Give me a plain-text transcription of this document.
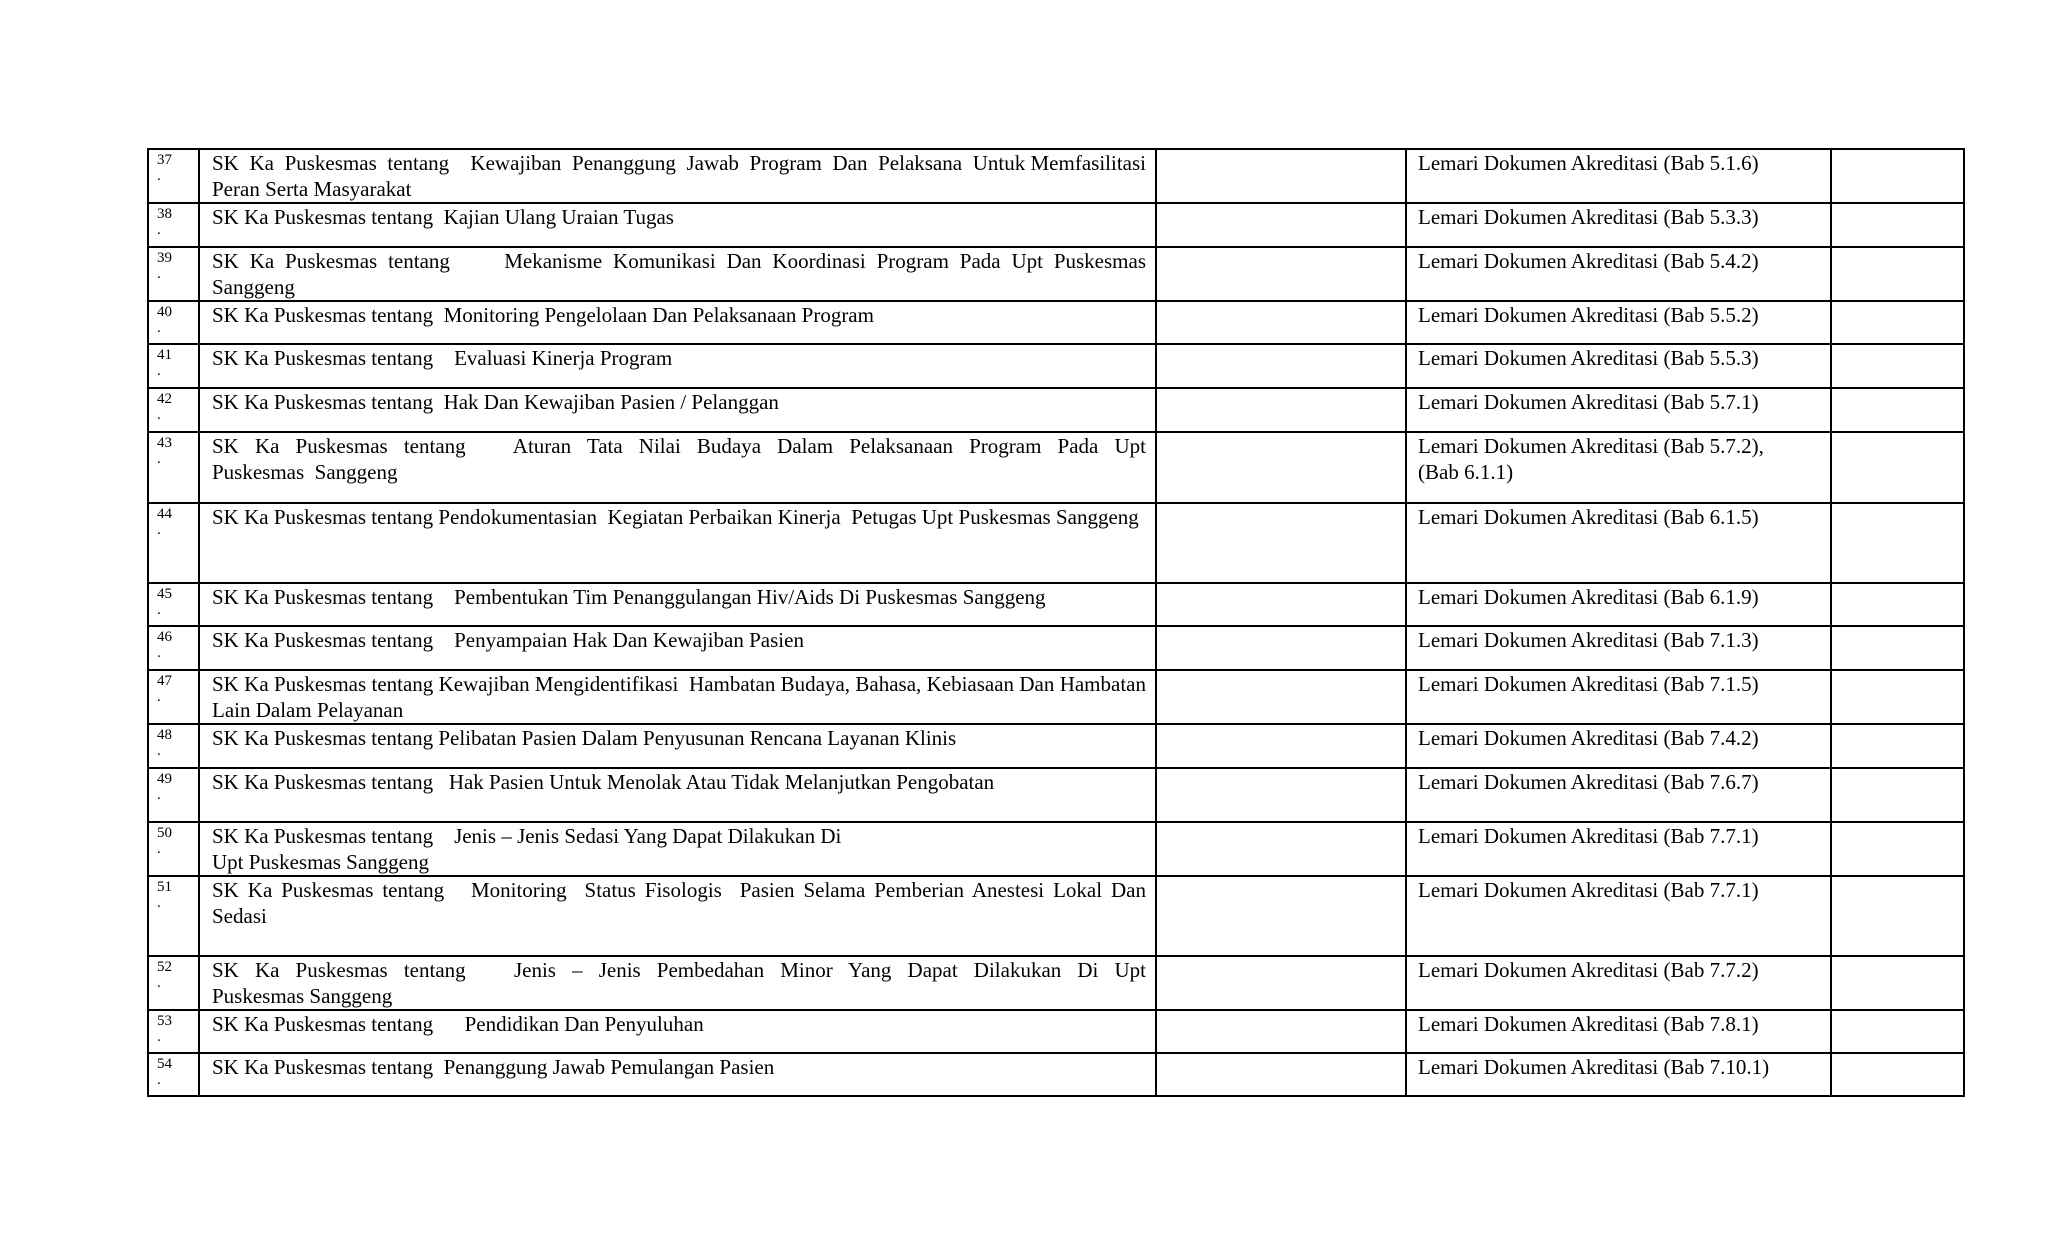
37
.	SK  Ka  Puskesmas  tentang    Kewajiban  Penanggung  Jawab  Program  Dan  Pelaksana  Untuk Memfasilitasi Peran Serta Masyarakat		Lemari Dokumen Akreditasi (Bab 5.1.6)	

38
.	SK Ka Puskesmas tentang  Kajian Ulang Uraian Tugas		Lemari Dokumen Akreditasi (Bab 5.3.3)	

39
.	SK Ka Puskesmas tentang     Mekanisme Komunikasi Dan Koordinasi Program Pada Upt Puskesmas Sanggeng		Lemari Dokumen Akreditasi (Bab 5.4.2)	

40
.	SK Ka Puskesmas tentang  Monitoring Pengelolaan Dan Pelaksanaan Program		Lemari Dokumen Akreditasi (Bab 5.5.2)	

41
.	SK Ka Puskesmas tentang    Evaluasi Kinerja Program		Lemari Dokumen Akreditasi (Bab 5.5.3)	

42
.	SK Ka Puskesmas tentang  Hak Dan Kewajiban Pasien / Pelanggan		Lemari Dokumen Akreditasi (Bab 5.7.1)	

43
.	SK  Ka  Puskesmas  tentang      Aturan  Tata  Nilai  Budaya  Dalam  Pelaksanaan  Program  Pada  Upt Puskesmas  Sanggeng		Lemari Dokumen Akreditasi (Bab 5.7.2),
(Bab 6.1.1)	

44
.	SK Ka Puskesmas tentang Pendokumentasian  Kegiatan Perbaikan Kinerja  Petugas Upt Puskesmas Sanggeng		Lemari Dokumen Akreditasi (Bab 6.1.5)	

45
.	SK Ka Puskesmas tentang    Pembentukan Tim Penanggulangan Hiv/Aids Di Puskesmas Sanggeng		Lemari Dokumen Akreditasi (Bab 6.1.9)	

46
.	SK Ka Puskesmas tentang    Penyampaian Hak Dan Kewajiban Pasien		Lemari Dokumen Akreditasi (Bab 7.1.3)	

47
.	SK Ka Puskesmas tentang Kewajiban Mengidentifikasi  Hambatan Budaya, Bahasa, Kebiasaan Dan Hambatan Lain Dalam Pelayanan		Lemari Dokumen Akreditasi (Bab 7.1.5)	

48
.	SK Ka Puskesmas tentang Pelibatan Pasien Dalam Penyusunan Rencana Layanan Klinis		Lemari Dokumen Akreditasi (Bab 7.4.2)	

49
.	SK Ka Puskesmas tentang   Hak Pasien Untuk Menolak Atau Tidak Melanjutkan Pengobatan		Lemari Dokumen Akreditasi (Bab 7.6.7)	

50
.	SK Ka Puskesmas tentang    Jenis – Jenis Sedasi Yang Dapat Dilakukan Di
Upt Puskesmas Sanggeng		Lemari Dokumen Akreditasi (Bab 7.7.1)	

51
.	SK Ka Puskesmas tentang   Monitoring  Status Fisologis  Pasien Selama Pemberian Anestesi Lokal Dan Sedasi		Lemari Dokumen Akreditasi (Bab 7.7.1)	

52
.	SK  Ka  Puskesmas  tentang      Jenis  –  Jenis  Pembedahan  Minor  Yang  Dapat  Dilakukan  Di  Upt Puskesmas Sanggeng		Lemari Dokumen Akreditasi (Bab 7.7.2)	

53
.	SK Ka Puskesmas tentang      Pendidikan Dan Penyuluhan		Lemari Dokumen Akreditasi (Bab 7.8.1)	

54
.	SK Ka Puskesmas tentang  Penanggung Jawab Pemulangan Pasien		Lemari Dokumen Akreditasi (Bab 7.10.1)	
